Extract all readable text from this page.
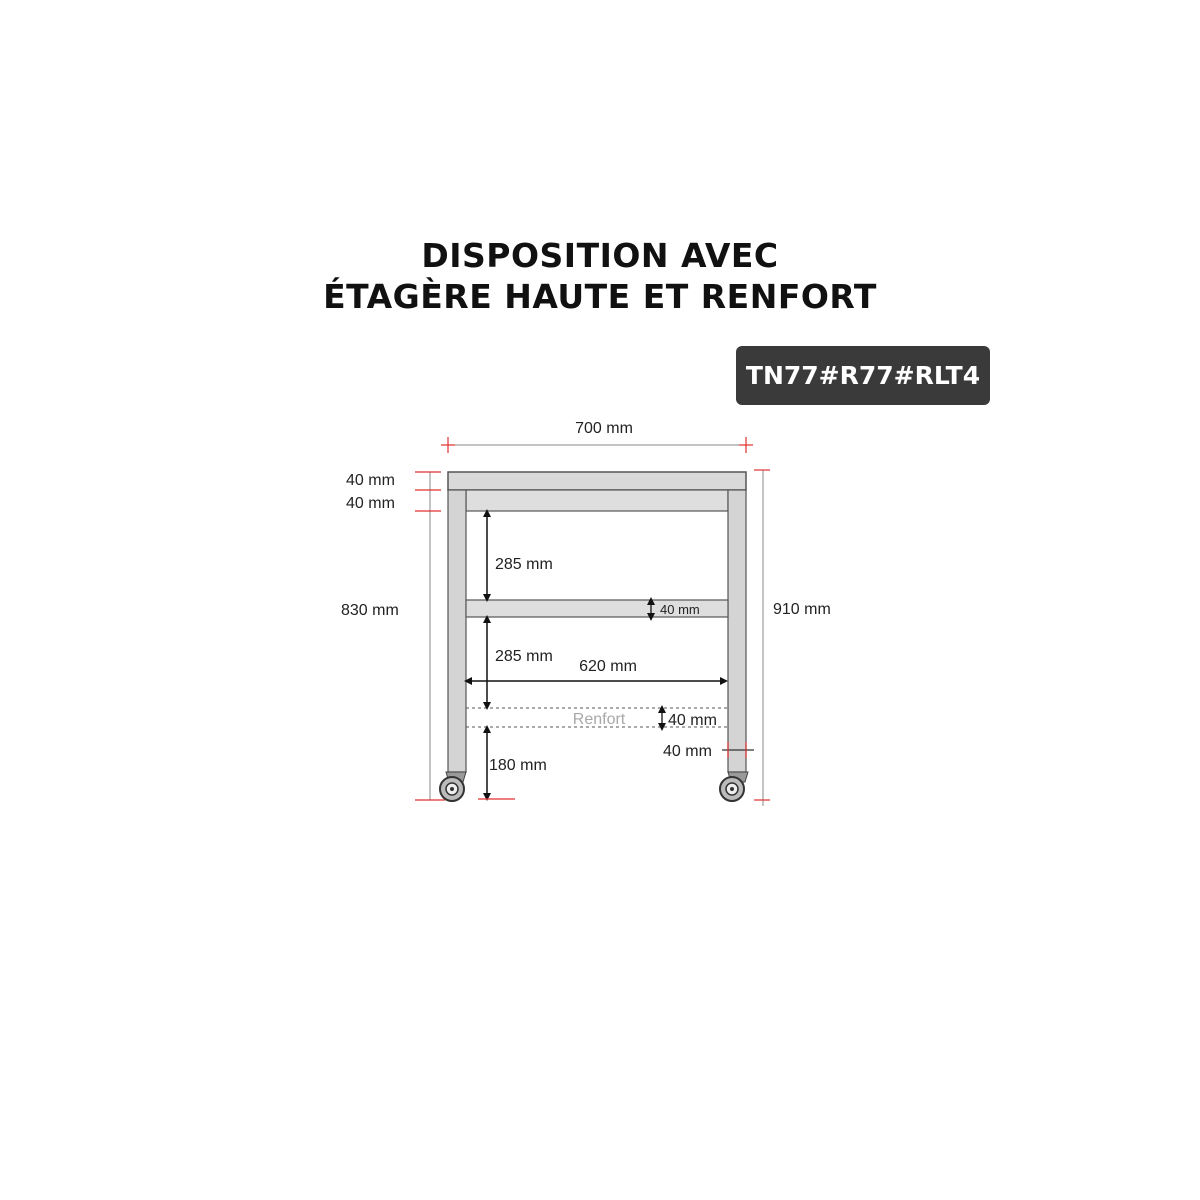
DISPOSITION AVEC
ÉTAGÈRE HAUTE ET RENFORT
TN77#R77#RLT4
700 mm
40 mm
40 mm
830 mm	910 mm
285 mm
40 mm
285 mm
620 mm
Renfort	40 mm
40 mm
180 mm
